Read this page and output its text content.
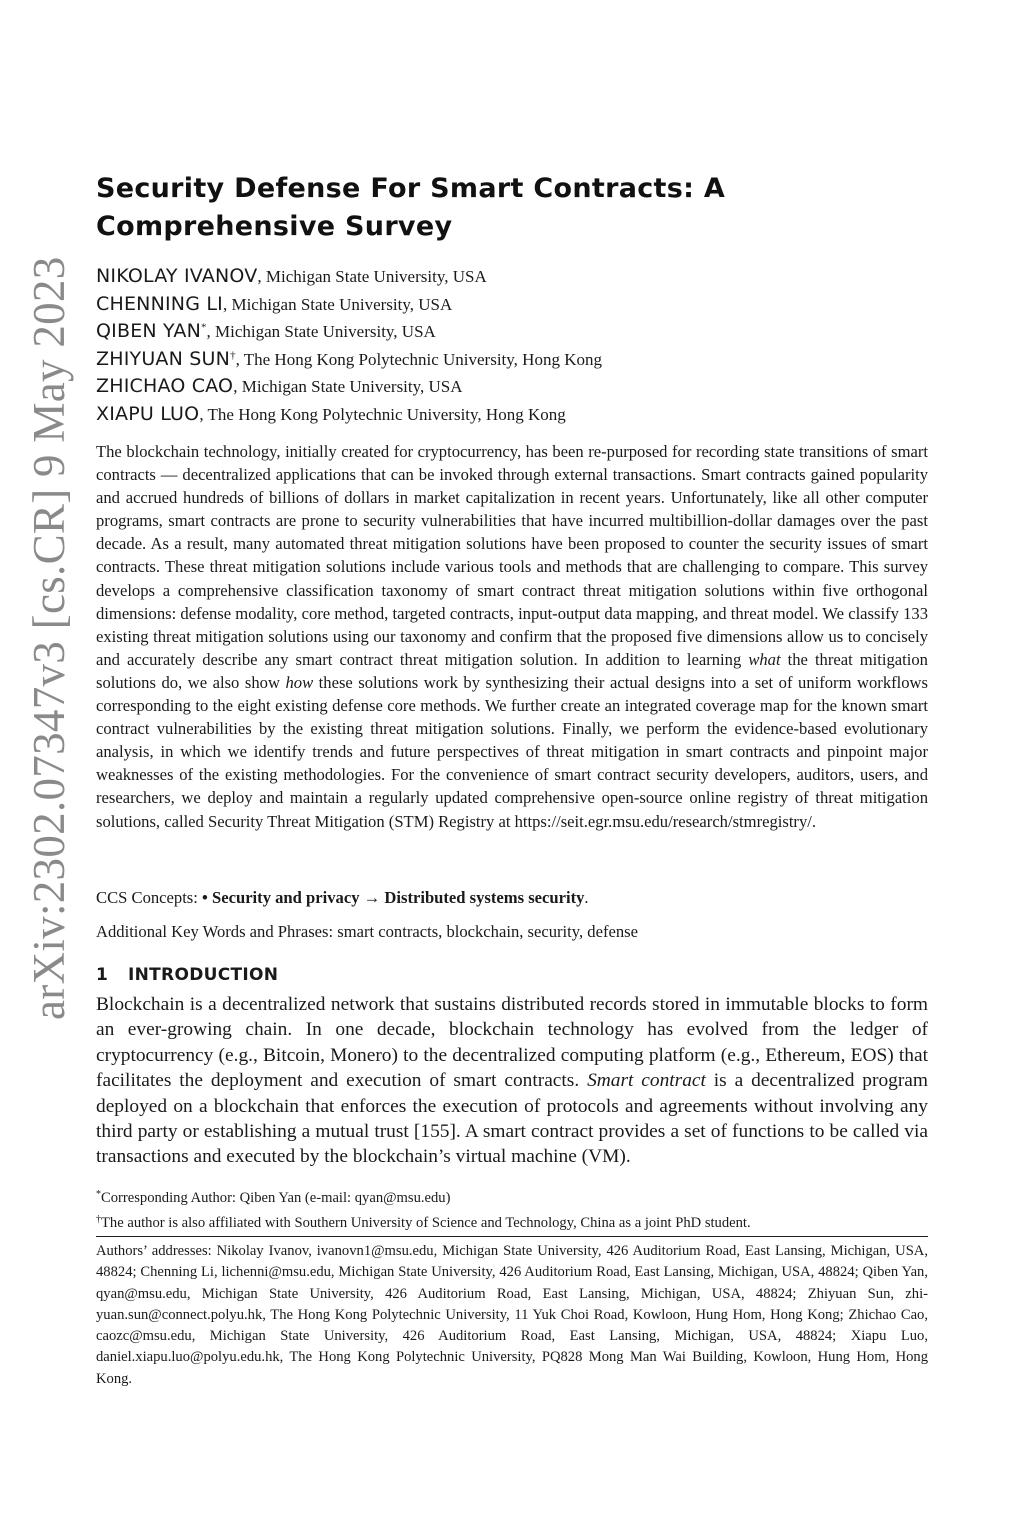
arXiv:2302.07347v3 [cs.CR] 9 May 2023
Security Defense For Smart Contracts: A Comprehensive Survey
NIKOLAY IVANOV, Michigan State University, USA
CHENNING LI, Michigan State University, USA
QIBEN YAN*, Michigan State University, USA
ZHIYUAN SUN†, The Hong Kong Polytechnic University, Hong Kong
ZHICHAO CAO, Michigan State University, USA
XIAPU LUO, The Hong Kong Polytechnic University, Hong Kong

The blockchain technology, initially created for cryptocurrency, has been re-purposed for recording state transitions of smart contracts — decentralized applications that can be invoked through external transactions. Smart contracts gained popularity and accrued hundreds of billions of dollars in market capitalization in recent years. Unfortunately, like all other computer programs, smart contracts are prone to security vulnerabilities that have incurred multibillion-dollar damages over the past decade. As a result, many automated threat mitigation solutions have been proposed to counter the security issues of smart contracts. These threat mitigation solutions include various tools and methods that are challenging to compare. This survey develops a comprehensive classification taxonomy of smart contract threat mitigation solutions within five orthogonal dimensions: defense modality, core method, targeted contracts, input-output data mapping, and threat model. We classify 133 existing threat mitigation solutions using our taxonomy and confirm that the proposed five dimensions allow us to concisely and accurately describe any smart contract threat mitigation solution. In addition to learning what the threat mitigation solutions do, we also show how these solutions work by synthesizing their actual designs into a set of uniform workflows corresponding to the eight existing defense core methods. We further create an integrated coverage map for the known smart contract vulnerabilities by the existing threat mitigation solutions. Finally, we perform the evidence-based evolutionary analysis, in which we identify trends and future perspectives of threat mitigation in smart contracts and pinpoint major weaknesses of the existing methodologies. For the convenience of smart contract security developers, auditors, users, and researchers, we deploy and maintain a regularly updated comprehensive open-source online registry of threat mitigation solutions, called Security Threat Mitigation (STM) Registry at https://seit.egr.msu.edu/research/stmregistry/.

CCS Concepts: • Security and privacy → Distributed systems security.
Additional Key Words and Phrases: smart contracts, blockchain, security, defense
1 INTRODUCTION

Blockchain is a decentralized network that sustains distributed records stored in immutable blocks to form an ever-growing chain. In one decade, blockchain technology has evolved from the ledger of cryptocurrency (e.g., Bitcoin, Monero) to the decentralized computing platform (e.g., Ethereum, EOS) that facilitates the deployment and execution of smart contracts. Smart contract is a decentralized program deployed on a blockchain that enforces the execution of protocols and agreements without involving any third party or establishing a mutual trust [155]. A smart contract provides a set of functions to be called via transactions and executed by the blockchain’s virtual machine (VM).

*Corresponding Author: Qiben Yan (e-mail: qyan@msu.edu)
†The author is also affiliated with Southern University of Science and Technology, China as a joint PhD student.

Authors’ addresses: Nikolay Ivanov, ivanovn1@msu.edu, Michigan State University, 426 Auditorium Road, East Lansing, Michigan, USA, 48824; Chenning Li, lichenni@msu.edu, Michigan State University, 426 Auditorium Road, East Lansing, Michigan, USA, 48824; Qiben Yan, qyan@msu.edu, Michigan State University, 426 Auditorium Road, East Lansing, Michigan, USA, 48824; Zhiyuan Sun, zhi-yuan.sun@connect.polyu.hk, The Hong Kong Polytechnic University, 11 Yuk Choi Road, Kowloon, Hung Hom, Hong Kong; Zhichao Cao, caozc@msu.edu, Michigan State University, 426 Auditorium Road, East Lansing, Michigan, USA, 48824; Xiapu Luo, daniel.xiapu.luo@polyu.edu.hk, The Hong Kong Polytechnic University, PQ828 Mong Man Wai Building, Kowloon, Hung Hom, Hong Kong.
